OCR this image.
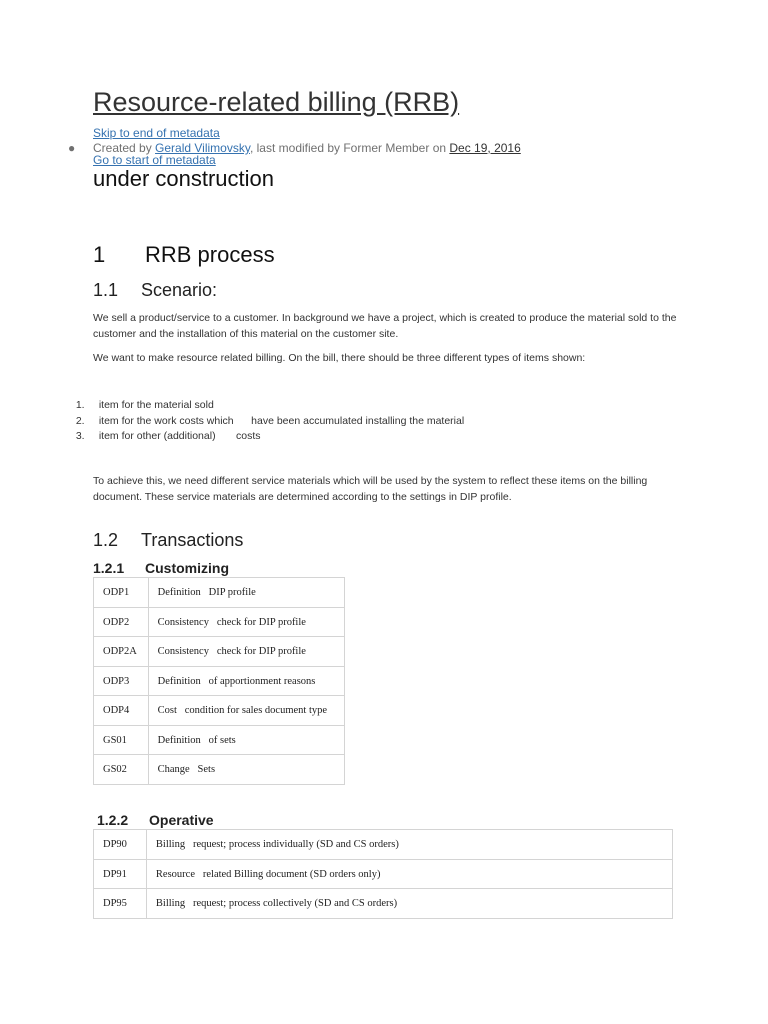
Resource-related billing (RRB)
Skip to end of metadata
● Created by Gerald Vilimovsky, last modified by Former Member on Dec 19, 2016
Go to start of metadata
under construction
1 RRB process
1.1 Scenario:
We sell a product/service to a customer. In background we have a project, which is created to produce the material sold to the customer and the installation of this material on the customer site.
We want to make resource related billing. On the bill, there should be three different types of items shown:

1. item for the material sold

2. item for the work costs which      have been accumulated installing the material

3. item for other (additional)       costs

To achieve this, we need different service materials which will be used by the system to reflect these items on the billing document. These service materials are determined according to the settings in DIP profile.
1.2 Transactions
1.2.1 Customizing
ODP1	Definition   DIP profile
ODP2	Consistency   check for DIP profile
ODP2A	Consistency   check for DIP profile
ODP3	Definition   of apportionment reasons
ODP4	Cost   condition for sales document type
GS01	Definition   of sets
GS02	Change   Sets
1.2.2 Operative
DP90	Billing   request; process individually (SD and CS orders)
DP91	Resource   related Billing document (SD orders only)
DP95	Billing   request; process collectively (SD and CS orders)
